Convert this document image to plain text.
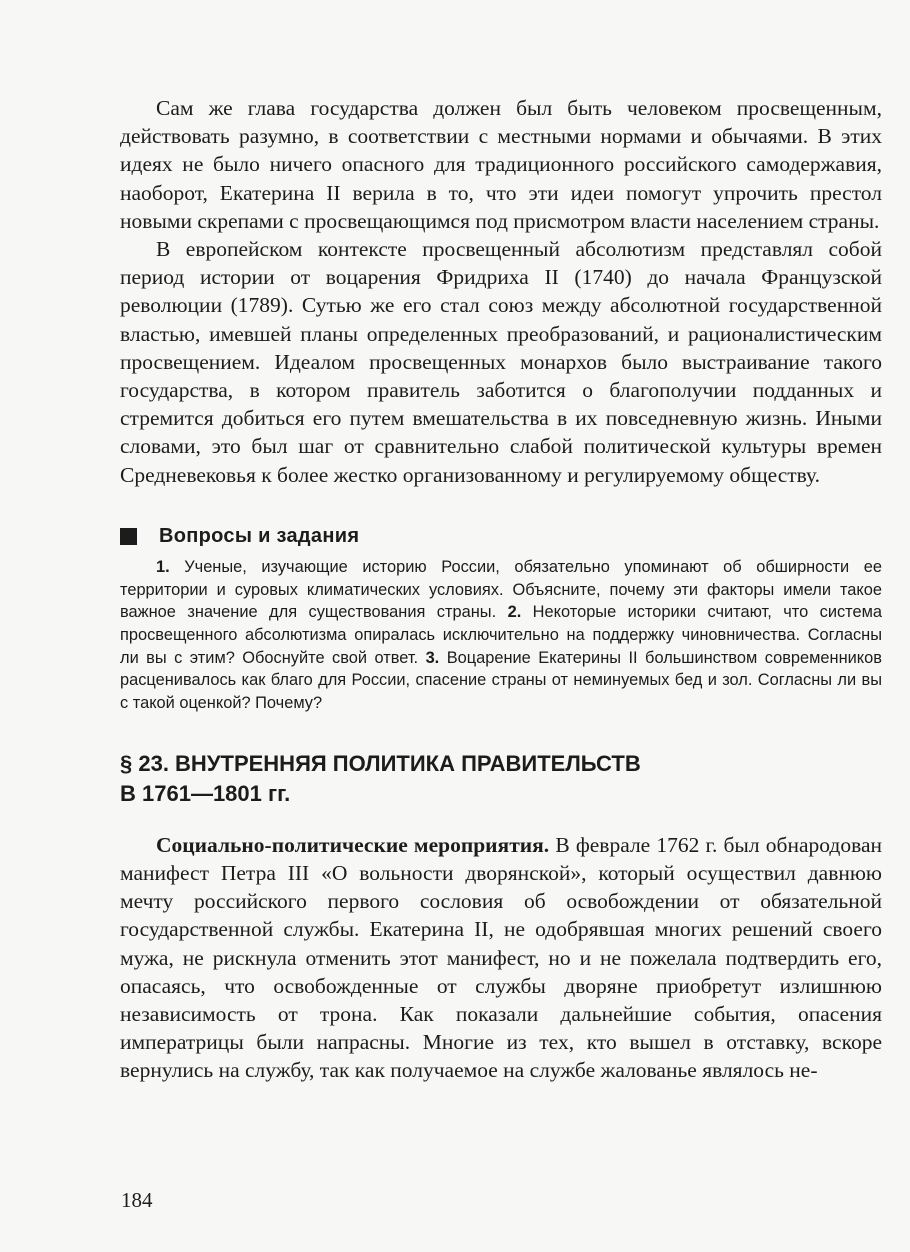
Сам же глава государства должен был быть человеком просвещенным, действовать разумно, в соответствии с местными нормами и обычаями. В этих идеях не было ничего опасного для традиционного российского самодержавия, наоборот, Екатерина II верила в то, что эти идеи помогут упрочить престол новыми скрепами с просвещающимся под присмотром власти населением страны.

В европейском контексте просвещенный абсолютизм представлял собой период истории от воцарения Фридриха II (1740) до начала Французской революции (1789). Сутью же его стал союз между абсолютной государственной властью, имевшей планы определенных преобразований, и рационалистическим просвещением. Идеалом просвещенных монархов было выстраивание такого государства, в котором правитель заботится о благополучии подданных и стремится добиться его путем вмешательства в их повседневную жизнь. Иными словами, это был шаг от сравнительно слабой политической культуры времен Средневековья к более жестко организованному и регулируемому обществу.

Вопросы и задания

1. Ученые, изучающие историю России, обязательно упоминают об обширности ее территории и суровых климатических условиях. Объясните, почему эти факторы имели такое важное значение для существования страны. 2. Некоторые историки считают, что система просвещенного абсолютизма опиралась исключительно на поддержку чиновничества. Согласны ли вы с этим? Обоснуйте свой ответ. 3. Воцарение Екатерины II большинством современников расценивалось как благо для России, спасение страны от неминуемых бед и зол. Согласны ли вы с такой оценкой? Почему?

§ 23. ВНУТРЕННЯЯ ПОЛИТИКА ПРАВИТЕЛЬСТВ
В 1761—1801 гг.

Социально-политические мероприятия. В феврале 1762 г. был обнародован манифест Петра III «О вольности дворянской», который осуществил давнюю мечту российского первого сословия об освобождении от обязательной государственной службы. Екатерина II, не одобрявшая многих решений своего мужа, не рискнула отменить этот манифест, но и не пожелала подтвердить его, опасаясь, что освобожденные от службы дворяне приобретут излишнюю независимость от трона. Как показали дальнейшие события, опасения императрицы были напрасны. Многие из тех, кто вышел в отставку, вскоре вернулись на службу, так как получаемое на службе жалованье являлось не-

184
